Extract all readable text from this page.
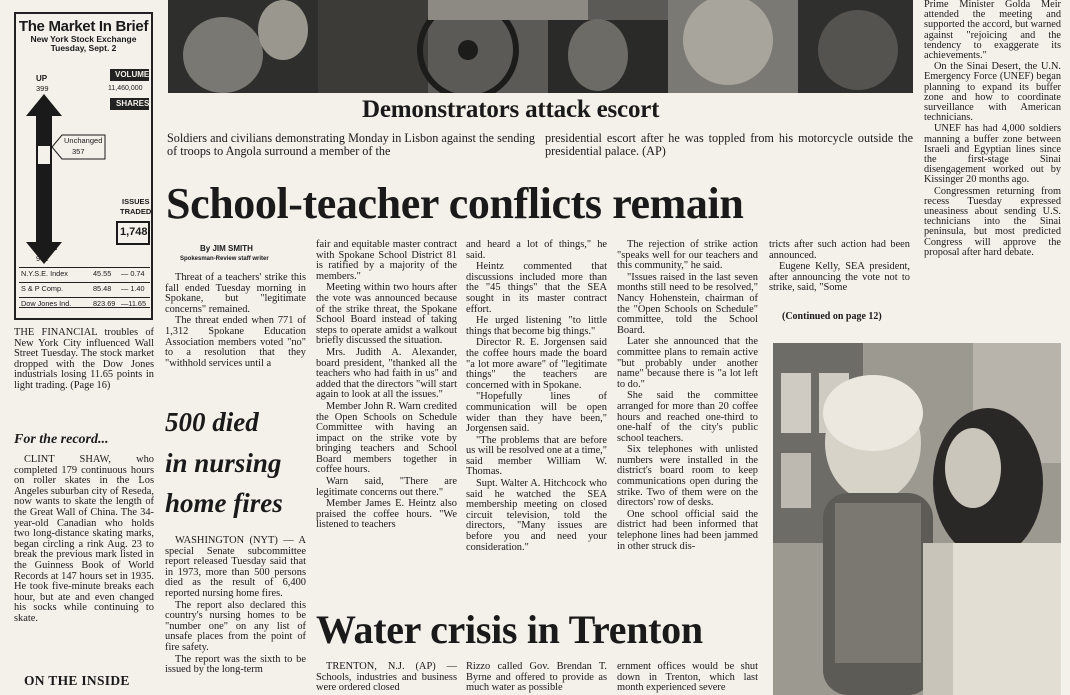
Demonstrators attack escort
Soldiers and civilians demonstrating Monday in Lisbon against the sending of troops to Angola surround a member of the
presidential escort after he was toppled from his motorcycle outside the presidential palace. (AP)
The Market In Brief
New York Stock Exchange
Tuesday, Sept. 2
UP
399
VOLUME
11,460,000
SHARES
Unchanged
357
ISSUES
TRADED
1,748
DOWN
992
N.Y.S.E. Index	45.55 — 0.74
S & P Comp.	85.48 — 1.40
Dow Jones Ind.	823.69 —11.65
THE FINANCIAL troubles of New York City influenced Wall Street Tuesday. The stock market dropped with the Dow Jones industrials losing 11.65 points in light trading. (Page 16)
For the record...
CLINT SHAW, who completed 179 continuous hours on roller skates in the Los Angeles suburban city of Reseda, now wants to skate the length of the Great Wall of China. The 34-year-old Canadian who holds two long-distance skating marks, began circling a rink Aug. 23 to break the previous mark listed in the Guinness Book of World Records at 147 hours set in 1935. He took five-minute breaks each hour, but ate and even changed his socks while continuing to skate.
ON THE INSIDE

Prime Minister Golda Meir attended the meeting and supported the accord, but warned against "rejoicing and the tendency to exaggerate its achievements."

On the Sinai Desert, the U.N. Emergency Force (UNEF) began planning to expand its buffer zone and how to coordinate surveillance with American technicians.

UNEF has had 4,000 soldiers manning a buffer zone between Israeli and Egyptian lines since the first-stage Sinai disengagement worked out by Kissinger 20 months ago.

Congressmen returning from recess Tuesday expressed uneasiness about sending U.S. technicians into the Sinai peninsula, but most predicted Congress will approve the proposal after hard debate.

School-teacher conflicts remain
By JIM SMITH
Spokesman-Review staff writer

Threat of a teachers' strike this fall ended Tuesday morning in Spokane, but "legitimate concerns" remained.

The threat ended when 771 of 1,312 Spokane Education Association members voted "no" to a resolution that they "withhold services until a

500 died
in nursing
home fires

WASHINGTON (NYT) — A special Senate subcommittee report released Tuesday said that in 1973, more than 500 persons died as the result of 6,400 reported nursing home fires.

The report also declared this country's nursing homes to be "number one" on any list of unsafe places from the point of fire safety.

The report was the sixth to be issued by the long-term

fair and equitable master contract with Spokane School District 81 is ratified by a majority of the members."

Meeting within two hours after the vote was announced because of the strike threat, the Spokane School Board instead of taking steps to operate amidst a walkout briefly discussed the situation.

Mrs. Judith A. Alexander, board president, "thanked all the teachers who had faith in us" and added that the directors "will start again to look at all the issues."

Member John R. Warn credited the Open Schools on Schedule Committee with having an impact on the strike vote by bringing teachers and School Board members together in coffee hours.

Warn said, "There are legitimate concerns out there."

Member James E. Heintz also praised the coffee hours. "We listened to teachers

and heard a lot of things," he said.

Heintz commented that discussions included more than the "45 things" that the SEA sought in its master contract effort.

He urged listening "to little things that become big things."

Director R. E. Jorgensen said the coffee hours made the board "a lot more aware" of "legitimate things" the teachers are concerned with in Spokane.

"Hopefully lines of communication will be open wider than they have been," Jorgensen said.

"The problems that are before us will be resolved one at a time," said member William W. Thomas.

Supt. Walter A. Hitchcock who said he watched the SEA membership meeting on closed circuit television, told the directors, "Many issues are before you and need your consideration."

The rejection of strike action "speaks well for our teachers and this community," he said.

"Issues raised in the last seven months still need to be resolved," Nancy Hohenstein, chairman of the "Open Schools on Schedule" committee, told the School Board.

Later she announced that the committee plans to remain active "but probably under another name" because there is "a lot left to do."

She said the committee arranged for more than 20 coffee hours and reached one-third to one-half of the city's public school teachers.

Six telephones with unlisted numbers were installed in the district's board room to keep communications open during the strike. Two of them were on the directors' row of desks.

One school official said the district had been informed that telephone lines had been jammed in other struck dis-

tricts after such action had been announced.

Eugene Kelly, SEA president, after announcing the vote not to strike, said, "Some

(Continued on page 12)
Water crisis in Trenton
TRENTON, N.J. (AP) — Schools, industries and business were ordered closed
Rizzo called Gov. Brendan T. Byrne and offered to provide as much water as possible
ernment offices would be shut down in Trenton, which last month experienced severe
